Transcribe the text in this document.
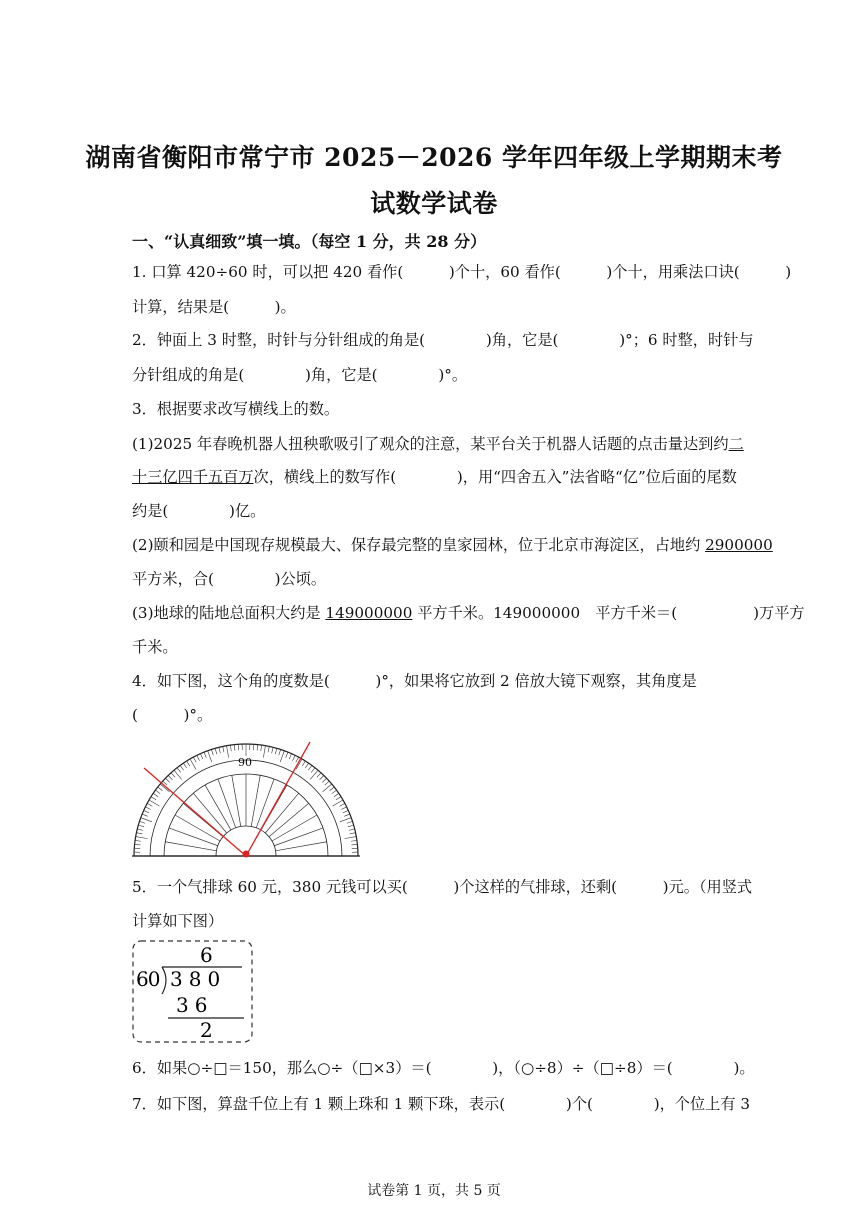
湖南省衡阳市常宁市 2025－2026 学年四年级上学期期末考
试数学试卷
一、“认真细致”填一填。（每空 1 分，共 28 分）
1. 口算 420÷60 时，可以把 420 看作(　　　)个十，60 看作(　　　)个十，用乘法口诀(　　　)
计算，结果是(　　　)。
2．钟面上 3 时整，时针与分针组成的角是(　　　　)角，它是(　　　　)°；6 时整，时针与
分针组成的角是(　　　　)角，它是(　　　　)°。
3．根据要求改写横线上的数。
(1)2025 年春晚机器人扭秧歌吸引了观众的注意，某平台关于机器人话题的点击量达到约二
十三亿四千五百万次，横线上的数写作(　　　　)，用“四舍五入”法省略“亿”位后面的尾数
约是(　　　　)亿。
(2)颐和园是中国现存规模最大、保存最完整的皇家园林，位于北京市海淀区，占地约 2900000
平方米，合(　　　　)公顷。
(3)地球的陆地总面积大约是 149000000 平方千米。149000000　平方千米＝(　　　　　)万平方
千米。
4．如下图，这个角的度数是(　　　)°，如果将它放到 2 倍放大镜下观察，其角度是
(　　　)°。
90
5．一个气排球 60 元，380 元钱可以买(　　　)个这样的气排球，还剩(　　　)元。（用竖式
计算如下图）
6
60 380
36
2
6．如果○÷□＝150，那么○÷（□×3）＝(　　　　)，（○÷8）÷（□÷8）＝(　　　　)。
7．如下图，算盘千位上有 1 颗上珠和 1 颗下珠，表示(　　　　)个(　　　　)，个位上有 3
试卷第 1 页，共 5 页
